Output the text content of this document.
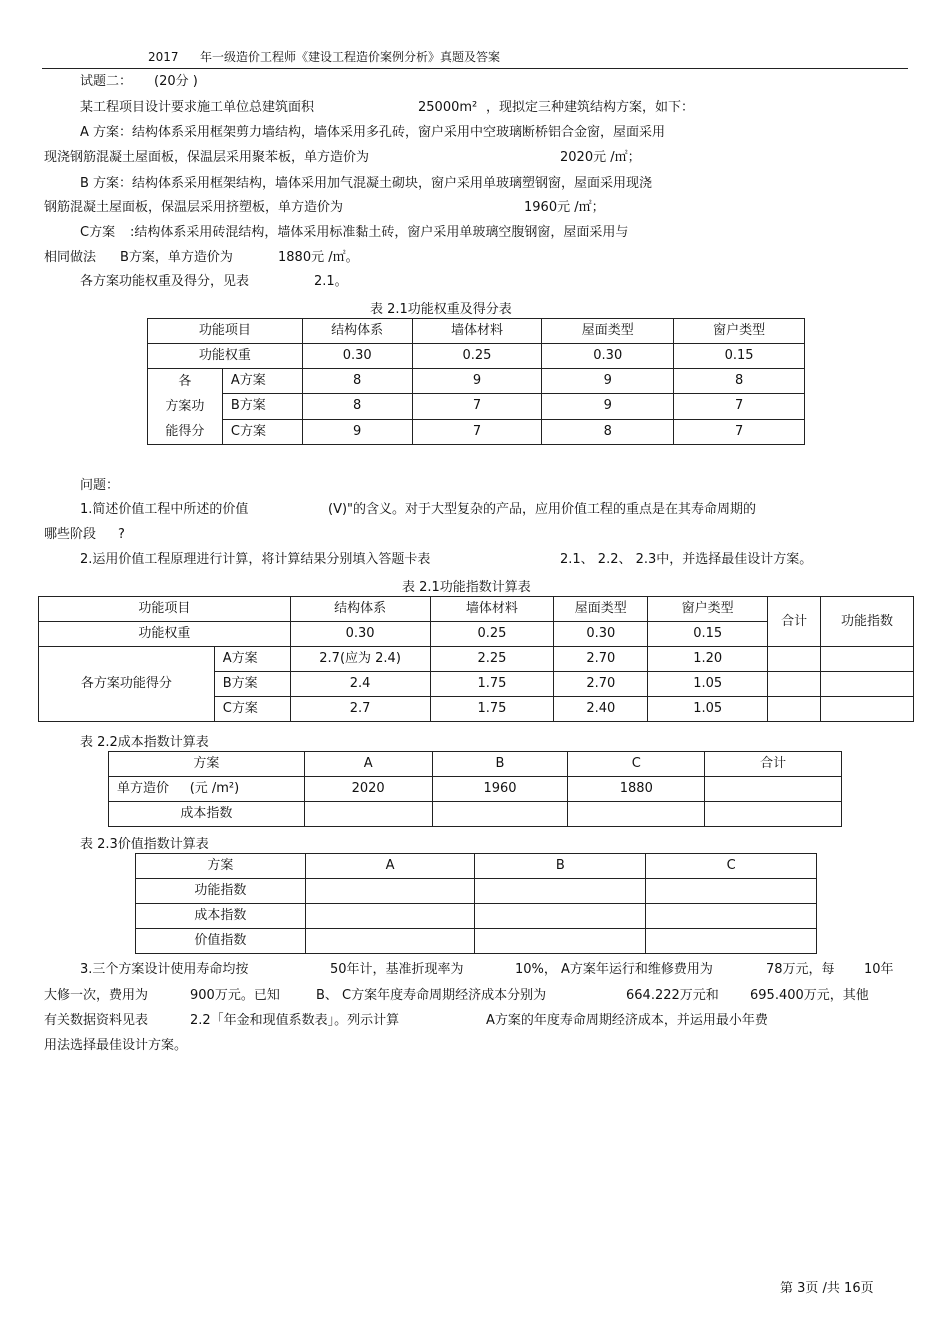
2017 年一级造价工程师《建设工程造价案例分析》真题及答案
试题二： (20分 )
某工程项目设计要求施工单位总建筑面积	25000m² ，现拟定三种建筑结构方案，如下：
A 方案：结构体系采用框架剪力墙结构，墙体采用多孔砖，窗户采用中空玻璃断桥铝合金窗，屋面采用
现浇钢筋混凝土屋面板，保温层采用聚苯板，单方造价为	2020元 /㎡；
B 方案：结构体系采用框架结构，墙体采用加气混凝土砌块，窗户采用单玻璃塑钢窗，屋面采用现浇
钢筋混凝土屋面板，保温层采用挤塑板，单方造价为	1960元 /㎡；
C方案 :结构体系采用砖混结构，墙体采用标准黏土砖，窗户采用单玻璃空腹钢窗，屋面采用与
相同做法 B方案，单方造价为	1880元 /㎡。
各方案功能权重及得分，见表	2.1。
表 2.1功能权重及得分表
功能项目		结构体系	墙体材料	屋面类型	窗户类型
功能权重		0.30	0.25	0.30	0.15

各
方案功
能得分	A方案	8	9	9	8
	B方案	8	7	9	7
	C方案	9	7	8	7
问题：
1.简述价值工程中所述的价值	(V)"的含义。对于大型复杂的产品，应用价值工程的重点是在其寿命周期的
哪些阶段 ?
2.运用价值工程原理进行计算，将计算结果分别填入答题卡表	2.1、 2.2、 2.3中，并选择最佳设计方案。
表 2.1功能指数计算表
功能项目		结构体系	墙体材料	屋面类型	窗户类型	合计	功能指数
功能权重		0.30	0.25	0.30	0.15		
各方案功能得分	A方案	2.7(应为 2.4)	2.25	2.70	1.20		
	B方案	2.4	1.75	2.70	1.05		
	C方案	2.7	1.75	2.40	1.05		
表 2.2成本指数计算表
方案	A	B	C	合计
单方造价 (元 /m²)	2020	1960	1880	
成本指数				
表 2.3价值指数计算表
方案	A	B	C
功能指数			
成本指数			
价值指数			
3.三个方案设计使用寿命均按	50年计，基准折现率为	10%， A方案年运行和维修费用为	78万元，每 10年
大修一次，费用为	900万元。已知	B、 C方案年度寿命周期经济成本分别为	664.222万元和 695.400万元，其他
有关数据资料见表	2.2「年金和现值系数表」。列示计算	A方案的年度寿命周期经济成本，并运用最小年费
用法选择最佳设计方案。
第 3页 /共 16页
